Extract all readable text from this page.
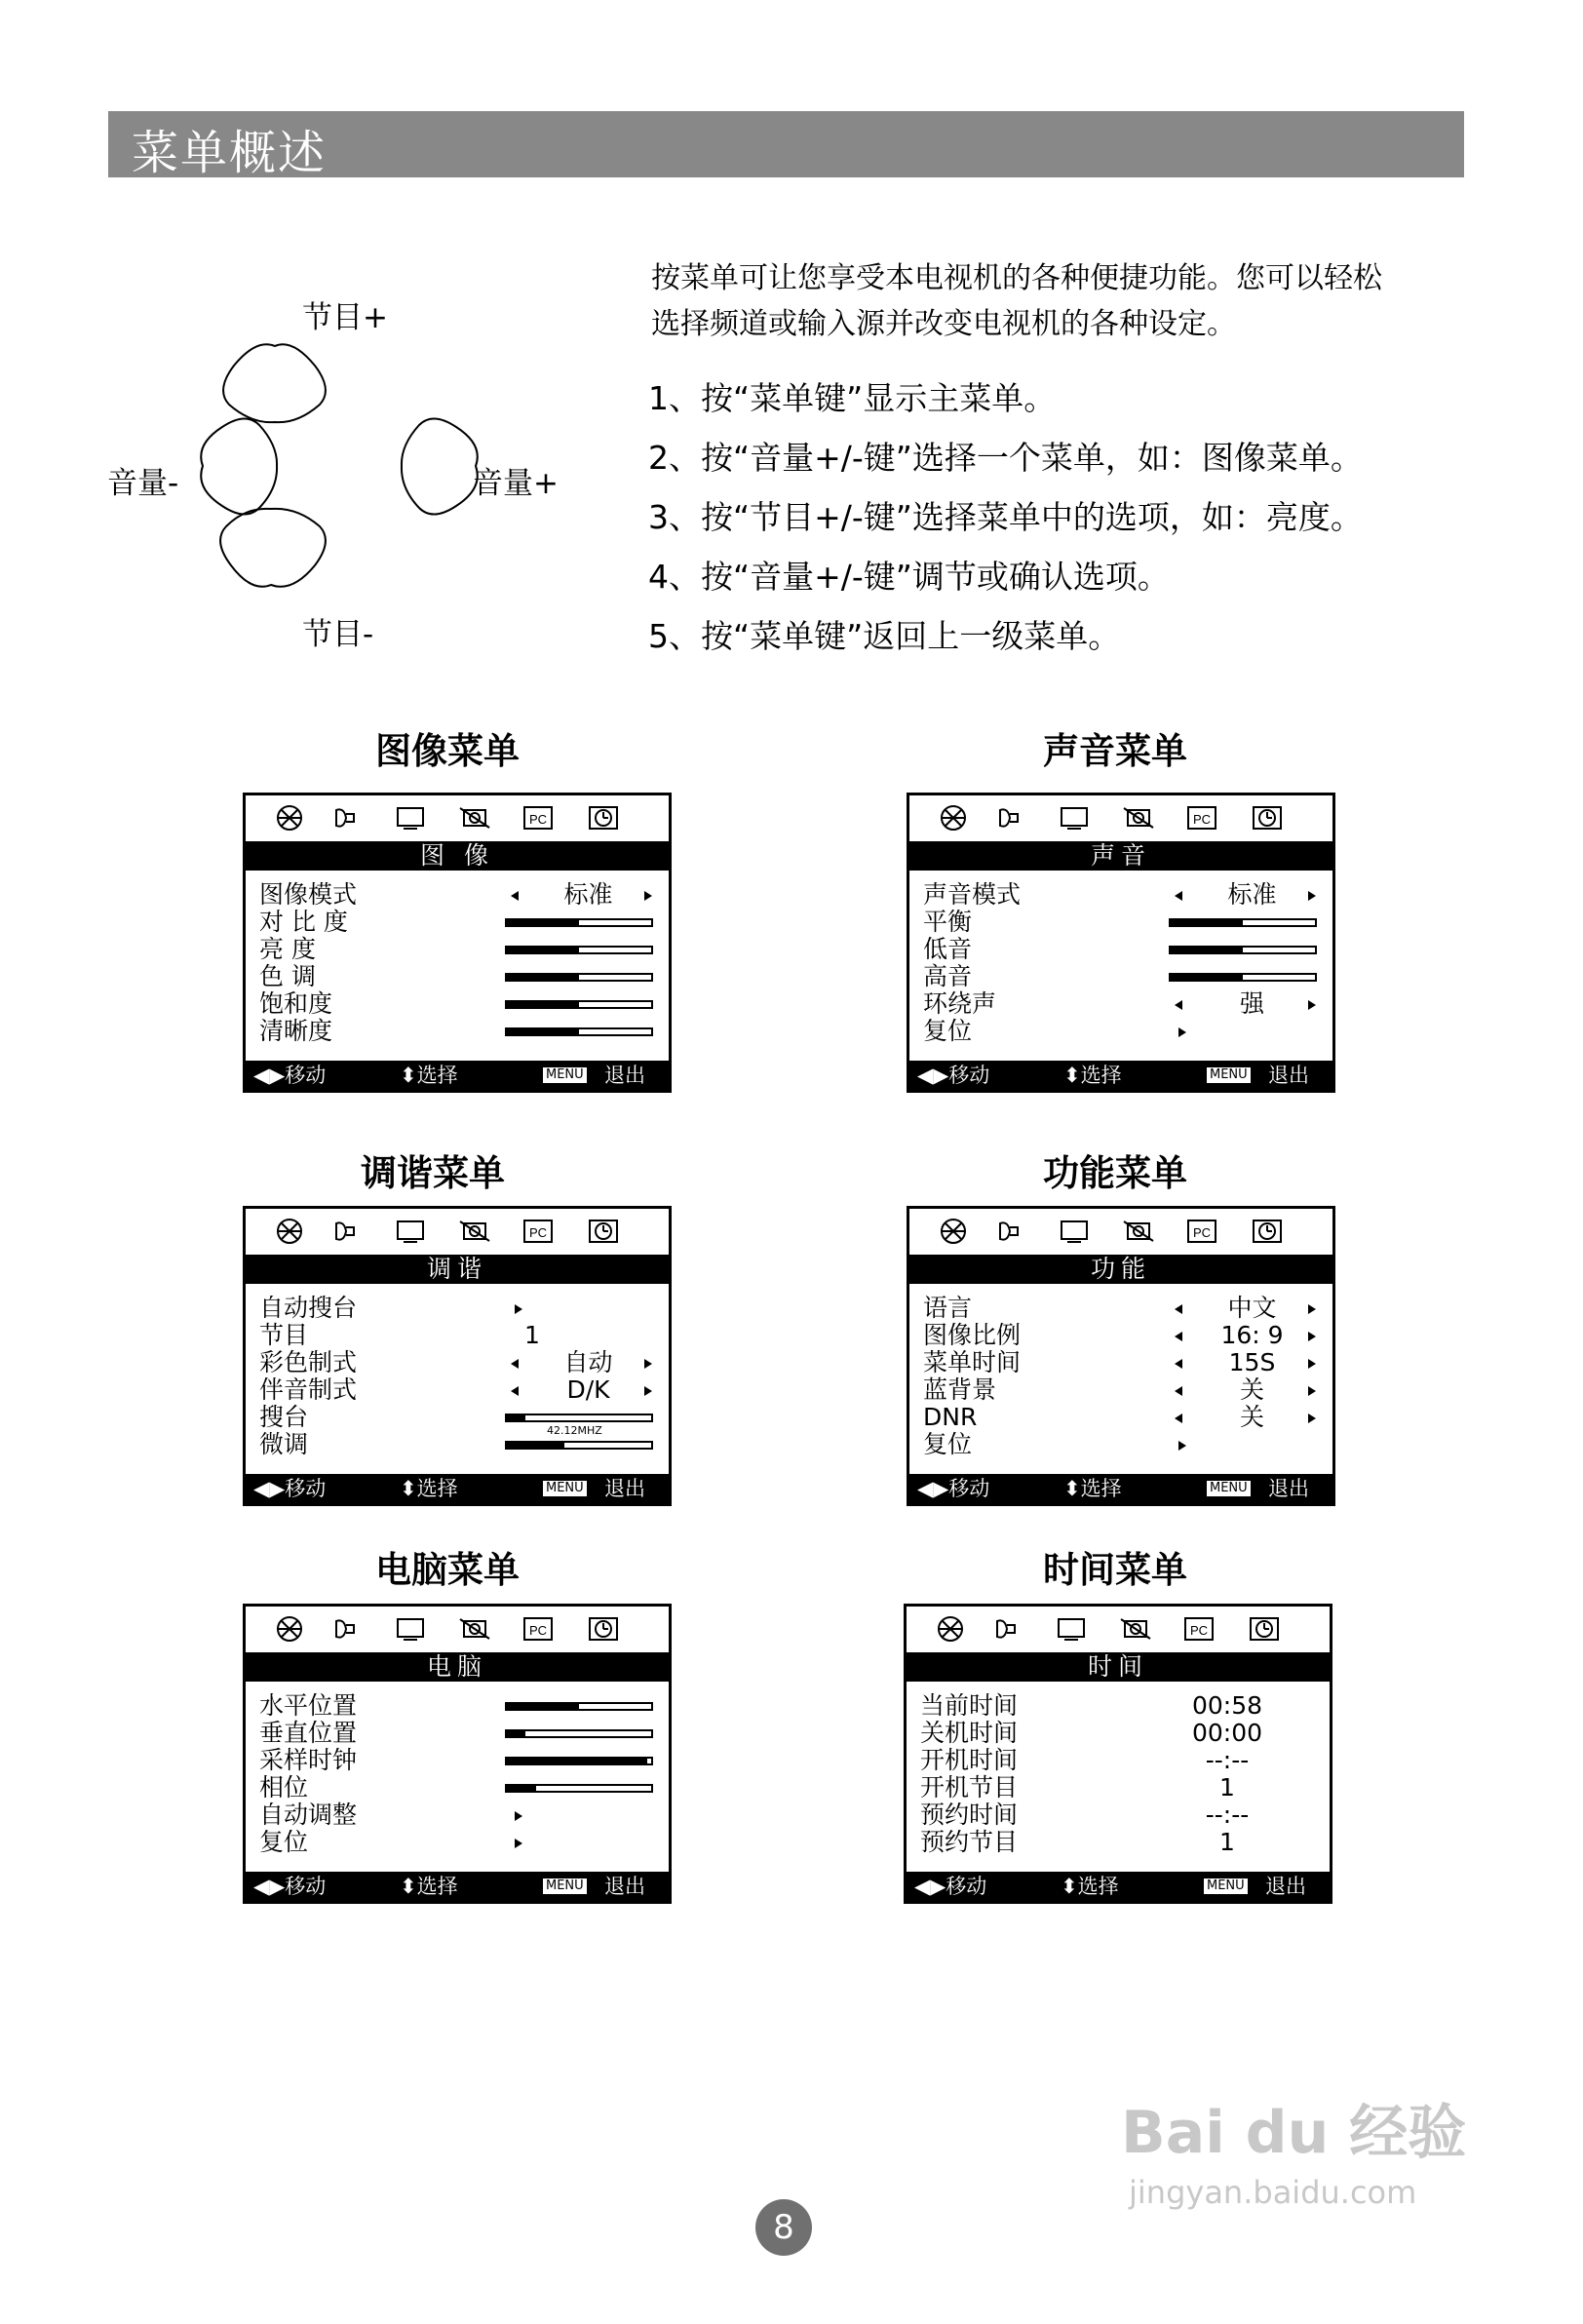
菜单概述
节目+
节目-
音量-	音量+
按菜单可让您享受本电视机的各种便捷功能。您可以轻松
选择频道或输入源并改变电视机的各种设定。
1、按“菜单键”显示主菜单。
2、按“音量+/-键”选择一个菜单，如：图像菜单。
3、按“节目+/-键”选择菜单中的选项，如：亮度。
4、按“音量+/-键”调节或确认选项。
5、按“菜单键”返回上一级菜单。
图像菜单	声音菜单
调谐菜单	功能菜单
电脑菜单	时间菜单
PC
图 像
图像模式	标准
对 比 度
亮 度
色 调
饱和度
清晰度
◀▶移动	⬍选择	MENU 退出
PC
声音
声音模式	标准
平衡
低音
高音
环绕声	强
复位
◀▶移动	⬍选择	MENU 退出
PC
调谐
自动搜台
节目	1
彩色制式	自动
伴音制式	D/K
搜台	42.12MHZ
微调
◀▶移动	⬍选择	MENU 退出
PC
功能
语言	中文
图像比例	16: 9
菜单时间	15S
蓝背景	关
DNR	关
复位
◀▶移动	⬍选择	MENU 退出
PC
电脑
水平位置
垂直位置
采样时钟
相位
自动调整
复位
◀▶移动	⬍选择	MENU 退出
PC
时间
当前时间	00:58
关机时间	00:00
开机时间	--:--
开机节目	1
预约时间	--:--
预约节目	1
◀▶移动	⬍选择	MENU 退出
Bai du 经验
jingyan.baidu.com
8
